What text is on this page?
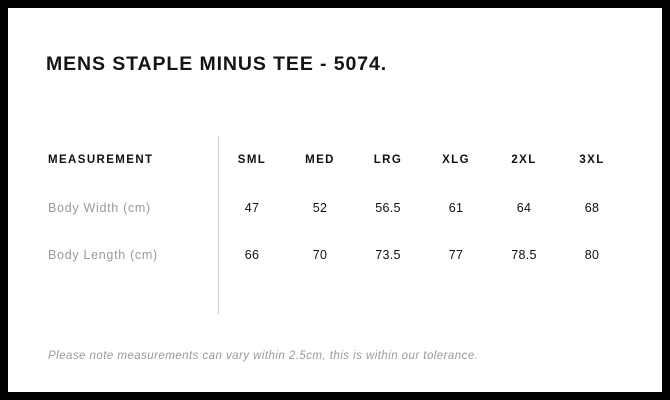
MENS STAPLE MINUS TEE - 5074.
MEASUREMENT	SML	MED	LRG	XLG	2XL	3XL
Body Width (cm)	47	52	56.5	61	64	68
Body Length (cm)	66	70	73.5	77	78.5	80
Please note measurements can vary within 2.5cm, this is within our tolerance.
